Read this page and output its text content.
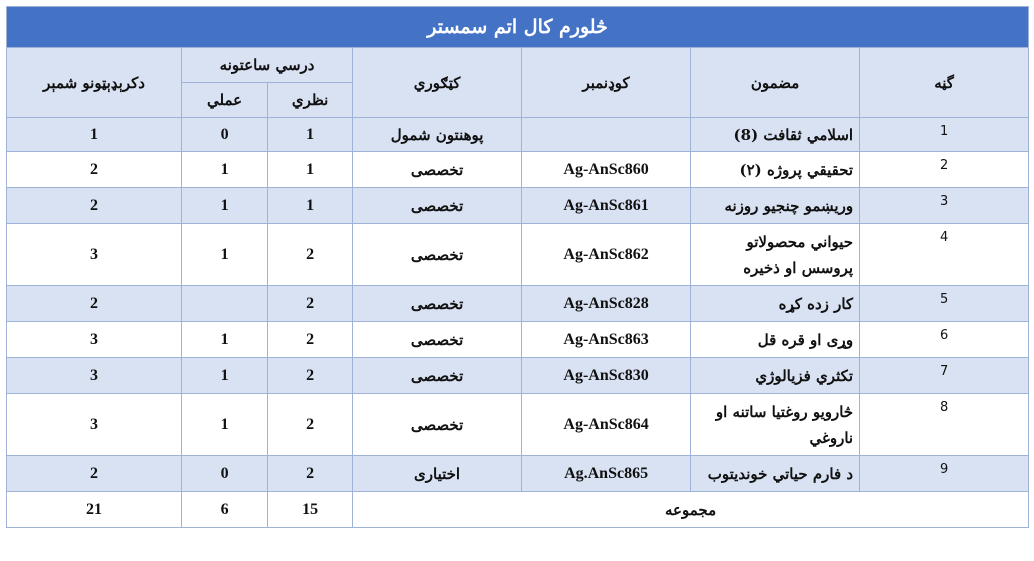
څلورم کال اتم سمستر						
گڼه	مضمون	کوډنمبر	کټګوري	درسي ساعتونه		دکرېډېټونو شمېر
				نظري	عملي	
1	اسلامي ثقافت (8)		پوهنتون شمول	1	0	1
2	تحقیقي پروژه (۲)	Ag-AnSc860	تخصصی	1	1	2
3	وریښمو چنجیو روزنه	Ag-AnSc861	تخصصی	1	1	2
4	حیواني محصولاتو پروسس او ذخیره	Ag-AnSc862	تخصصی	2	1	3
5	کار زده کړه	Ag-AnSc828	تخصصی	2		2
6	وړی او قره قل	Ag-AnSc863	تخصصی	2	1	3
7	تکثري فزیالوژي	Ag-AnSc830	تخصصی	2	1	3
8	څارویو روغتیا ساتنه او ناروغي	Ag-AnSc864	تخصصی	2	1	3
9	د فارم حیاتي خوندیتوب	Ag.AnSc865	اختیاری	2	0	2
مجموعه				15	6	21
